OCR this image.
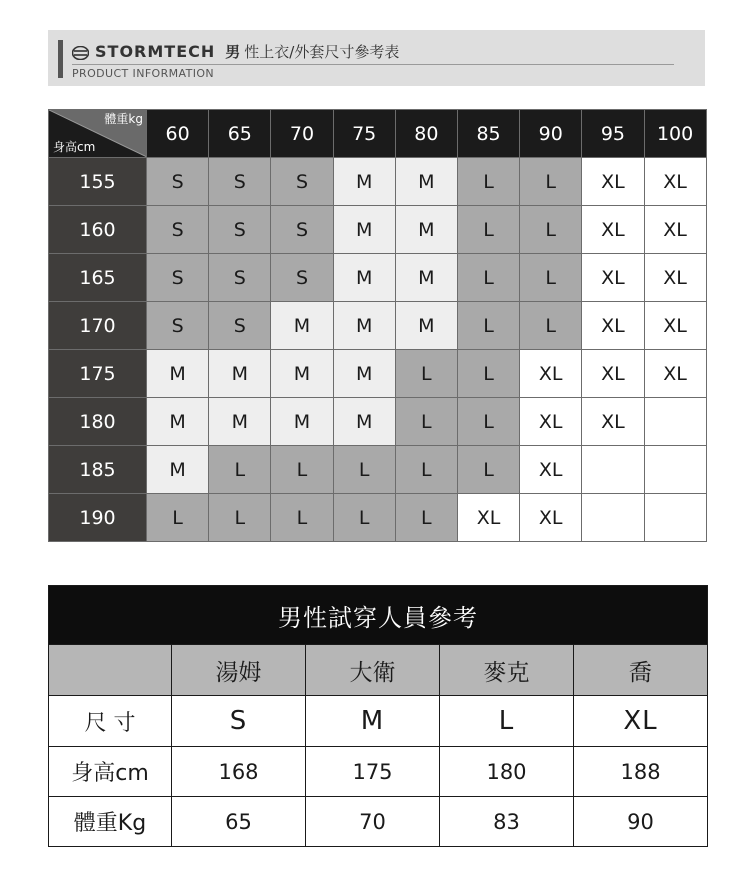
STORMTECH 男 性上衣/外套尺寸參考表
PRODUCT INFORMATION
體重kg
身高cm	60	65	70	75	80	85	90	95	100
155	S	S	S	M	M	L	L	XL	XL
160	S	S	S	M	M	L	L	XL	XL
165	S	S	S	M	M	L	L	XL	XL
170	S	S	M	M	M	L	L	XL	XL
175	M	M	M	M	L	L	XL	XL	XL
180	M	M	M	M	L	L	XL	XL	
185	M	L	L	L	L	L	XL		
190	L	L	L	L	L	XL	XL		
男性試穿人員參考				
	湯姆	大衛	麥克	喬
尺 寸	S	M	L	XL
身高cm	168	175	180	188
體重Kg	65	70	83	90
